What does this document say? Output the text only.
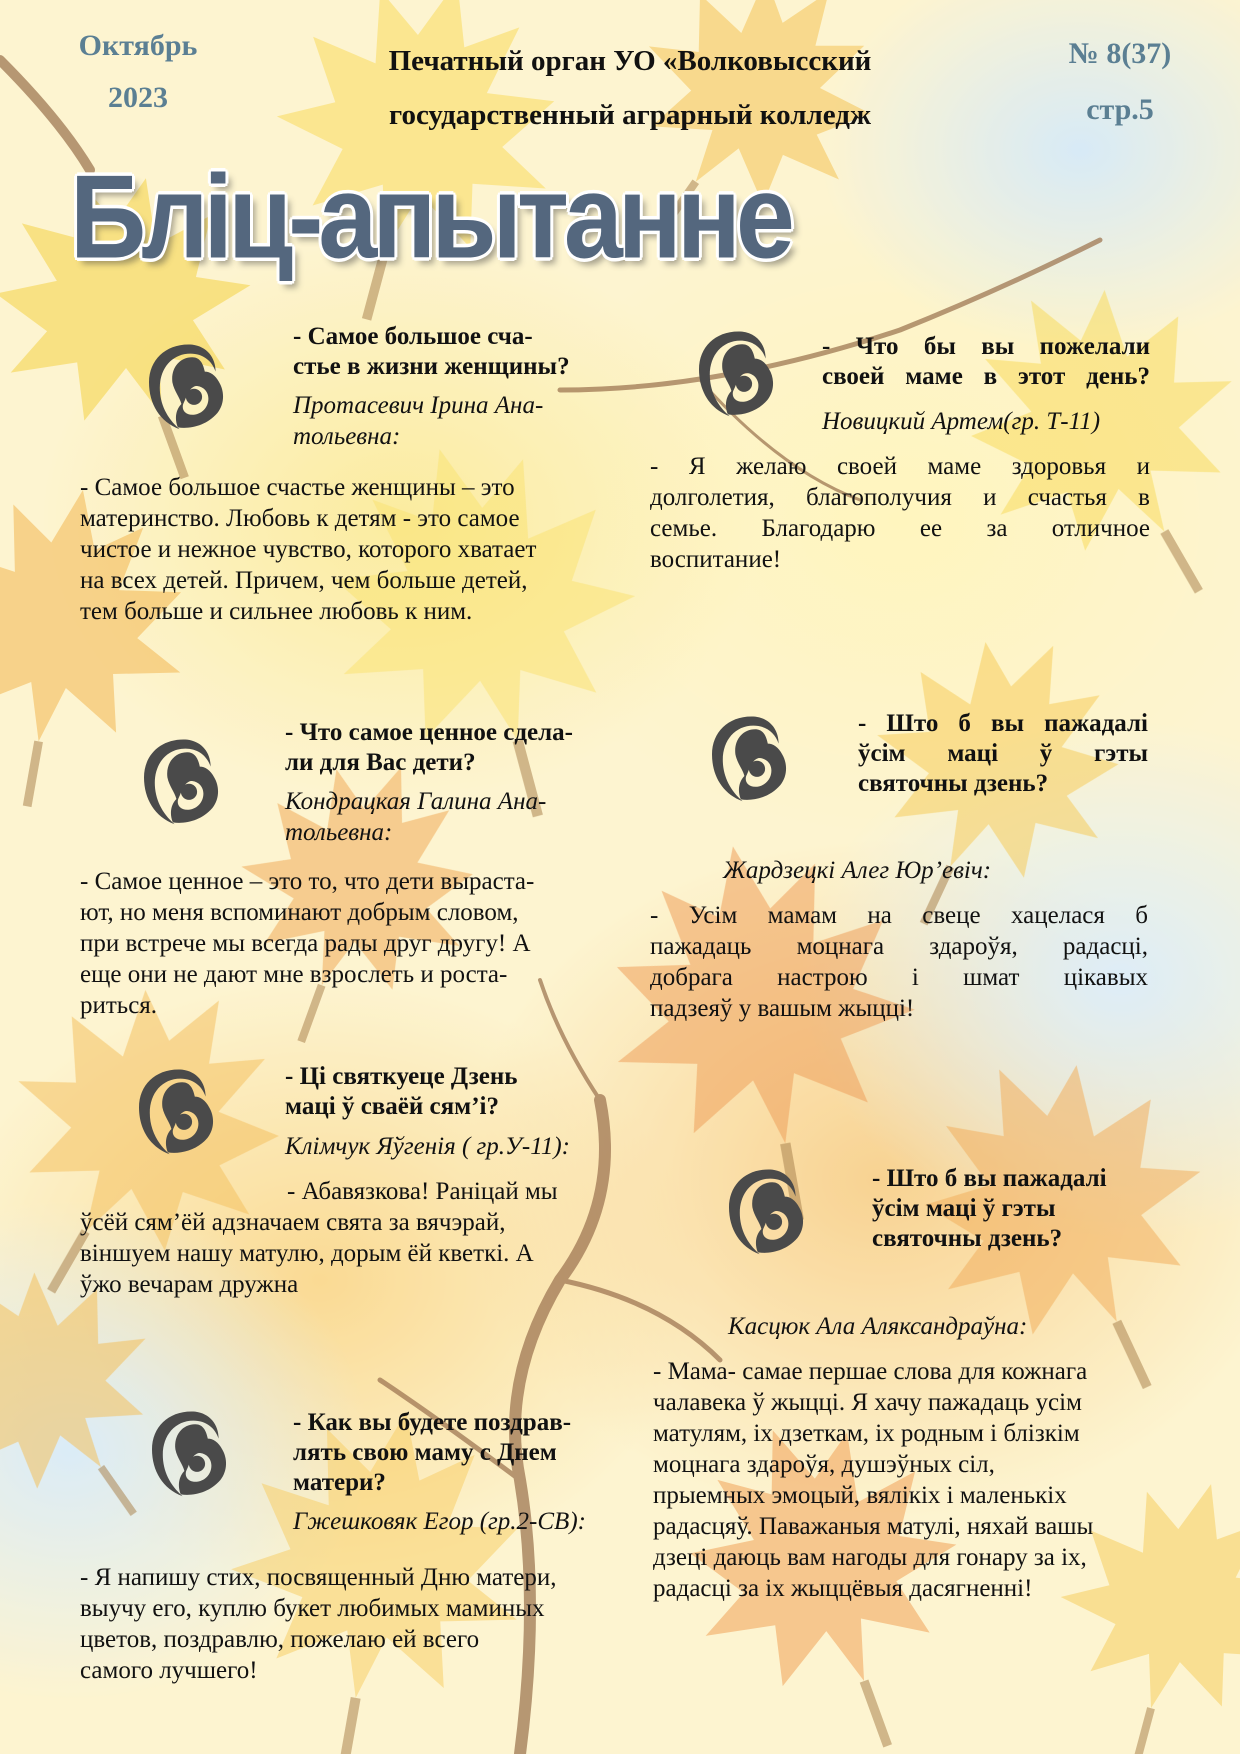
Октябрь
2023
Печатный орган УО «Волковысский
государственный аграрный колледж
№ 8(37)
стр.5
Бліц-апытанне
- Самое большое сча-
стье в жизни женщины?
Протасевич Ірина Ана-
тольевна:
- Самое большое счастье женщины – это
материнство. Любовь к детям - это самое
чистое и нежное чувство, которого хватает
на всех детей. Причем, чем больше детей,
тем больше и сильнее любовь к ним.
- Что бы вы пожелали
своей маме в этот день?
Новицкий Артем(гр. Т-11)
- Я желаю своей маме здоровья и
долголетия, благополучия и счастья в
семье. Благодарю ее за отличное
воспитание!
- Что самое ценное сдела-
ли для Вас дети?
Кондрацкая Галина Ана-
тольевна:
- Самое ценное – это то, что дети выраста-
ют, но меня вспоминают добрым словом,
при встрече мы всегда рады друг другу! А
еще они не дают мне взрослеть и роста-
риться.
- Што б вы пажадалі
ўсім маці ў гэты
святочны дзень?
Жардзецкі Алег Юр’евіч:
- Усім мамам на свеце хацелася б
пажадаць моцнага здароўя, радасці,
добрага настрою і шмат цікавых
падзеяў у вашым жыцці!
- Ці святкуеце Дзень
маці ў сваёй сям’і?
Клімчук Яўгенія ( гр.У-11):
- Абавязкова! Раніцай мы
ўсёй сям’ёй адзначаем свята за вячэрай,
віншуем нашу матулю, дорым ёй кветкі. А
ўжо вечарам дружна
- Што б вы пажадалі
ўсім маці ў гэты
святочны дзень?
Касцюк Ала Аляксандраўна:
- Мама- самае першае слова для кожнага
чалавека ў жыцці. Я хачу пажадаць усім
матулям, іх дзеткам, іх родным і блізкім
моцнага здароўя, душэўных сіл,
прыемных эмоцый, вялікіх і маленькіх
радасцяў. Паважаныя матулі, няхай вашы
дзеці даюць вам нагоды для гонару за іх,
радасці за іх жыццёвыя дасягненні!
- Как вы будете поздрав-
лять свою маму с Днем
матери?
Гжешковяк Егор (гр.2-СВ):
- Я напишу стих, посвященный Дню матери,
выучу его, куплю букет любимых маминых
цветов, поздравлю, пожелаю ей всего
самого лучшего!
